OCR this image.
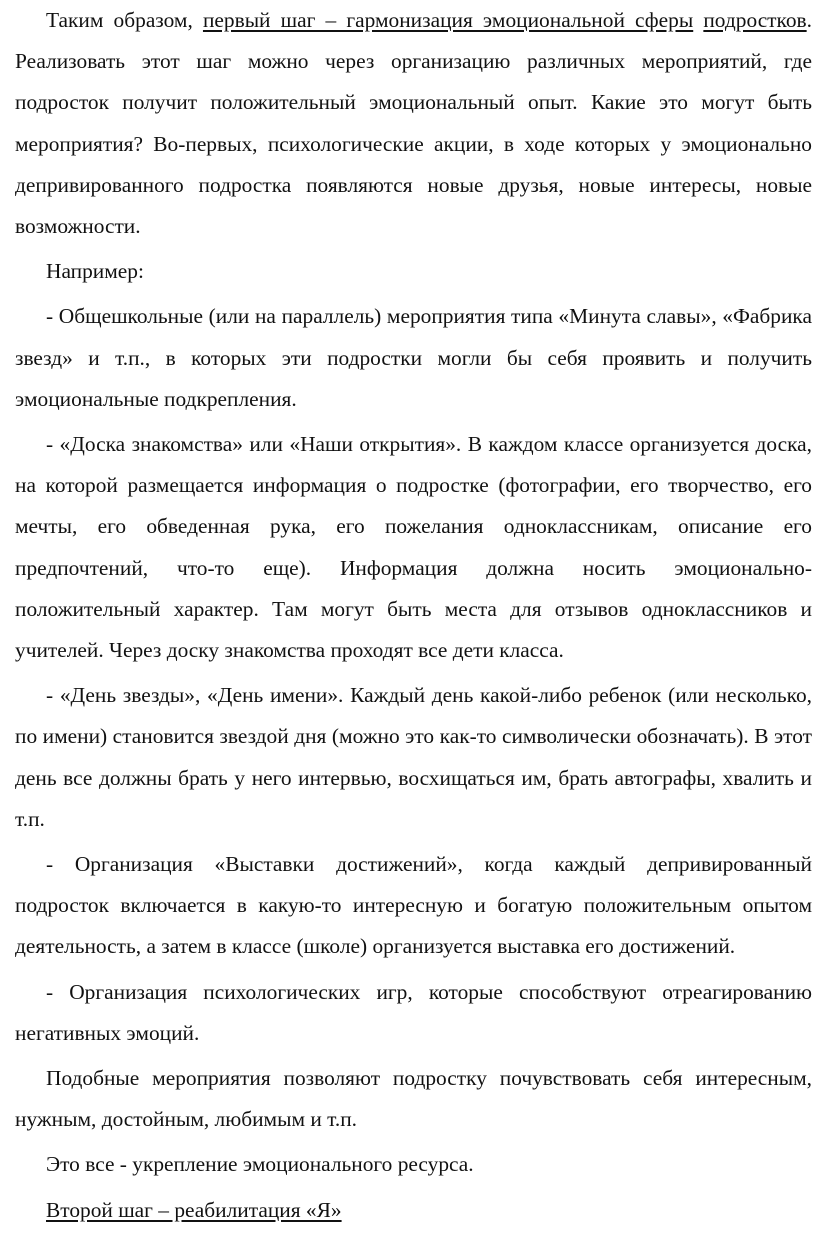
Таким образом, первый шаг – гармонизация эмоциональной сферы подростков. Реализовать этот шаг можно через организацию различных мероприятий, где подросток получит положительный эмоциональный опыт. Какие это могут быть мероприятия? Во-первых, психологические акции, в ходе которых у эмоционально депривированного подростка появляются новые друзья, новые интересы, новые возможности.

Например:

- Общешкольные (или на параллель) мероприятия типа «Минута славы», «Фабрика звезд» и т.п., в которых эти подростки могли бы себя проявить и получить эмоциональные подкрепления.

- «Доска знакомства» или «Наши открытия». В каждом классе организуется доска, на которой размещается информация о подростке (фотографии, его творчество, его мечты, его обведенная рука, его пожелания одноклассникам, описание его предпочтений, что-то еще). Информация должна носить эмоционально-положительный характер. Там могут быть места для отзывов одноклассников и учителей. Через доску знакомства проходят все дети класса.

- «День звезды», «День имени». Каждый день какой-либо ребенок (или несколько, по имени) становится звездой дня (можно это как-то символически обозначать). В этот день все должны брать у него интервью, восхищаться им, брать автографы, хвалить и т.п.

- Организация «Выставки достижений», когда каждый депривированный подросток включается в какую-то интересную и богатую положительным опытом деятельность, а затем в классе (школе) организуется выставка его достижений.

- Организация психологических игр, которые способствуют отреагированию негативных эмоций.

Подобные мероприятия позволяют подростку почувствовать себя интересным, нужным, достойным, любимым и т.п.

Это все - укрепление эмоционального ресурса.

Второй шаг – реабилитация «Я»
